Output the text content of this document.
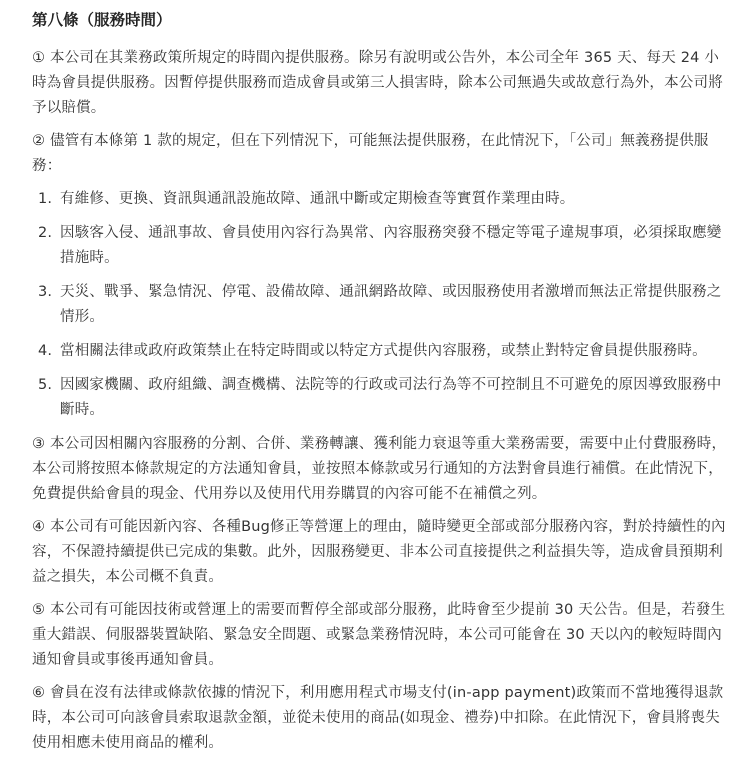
第八條（服務時間）

① 本公司在其業務政策所規定的時間內提供服務。除另有說明或公告外，本公司全年 365 天、每天 24 小時為會員提供服務。因暫停提供服務而造成會員或第三人損害時，除本公司無過失或故意行為外，本公司將予以賠償。

② 儘管有本條第 1 款的規定，但在下列情況下，可能無法提供服務，在此情況下，「公司」無義務提供服務：

1. 有維修、更換、資訊與通訊設施故障、通訊中斷或定期檢查等實質作業理由時。
2. 因駭客入侵、通訊事故、會員使用內容行為異常、內容服務突發不穩定等電子違規事項，必須採取應變措施時。
3. 天災、戰爭、緊急情況、停電、設備故障、通訊網路故障、或因服務使用者激增而無法正常提供服務之情形。
4. 當相關法律或政府政策禁止在特定時間或以特定方式提供內容服務，或禁止對特定會員提供服務時。
5. 因國家機關、政府組織、調查機構、法院等的行政或司法行為等不可控制且不可避免的原因導致服務中斷時。

③ 本公司因相關內容服務的分割、合併、業務轉讓、獲利能力衰退等重大業務需要，需要中止付費服務時，本公司將按照本條款規定的方法通知會員，並按照本條款或另行通知的方法對會員進行補償。在此情況下，免費提供給會員的現金、代用券以及使用代用券購買的內容可能不在補償之列。

④ 本公司有可能因新內容、各種Bug修正等營運上的理由，隨時變更全部或部分服務內容，對於持續性的內容，不保證持續提供已完成的集數。此外，因服務變更、非本公司直接提供之利益損失等，造成會員預期利益之損失，本公司概不負責。

⑤ 本公司有可能因技術或營運上的需要而暫停全部或部分服務，此時會至少提前 30 天公告。但是，若發生重大錯誤、伺服器裝置缺陷、緊急安全問題、或緊急業務情況時，本公司可能會在 30 天以內的較短時間內通知會員或事後再通知會員。

⑥ 會員在沒有法律或條款依據的情況下，利用應用程式市場支付(in-app payment)政策而不當地獲得退款時，本公司可向該會員索取退款金額，並從未使用的商品(如現金、禮券)中扣除。在此情況下，會員將喪失使用相應未使用商品的權利。
